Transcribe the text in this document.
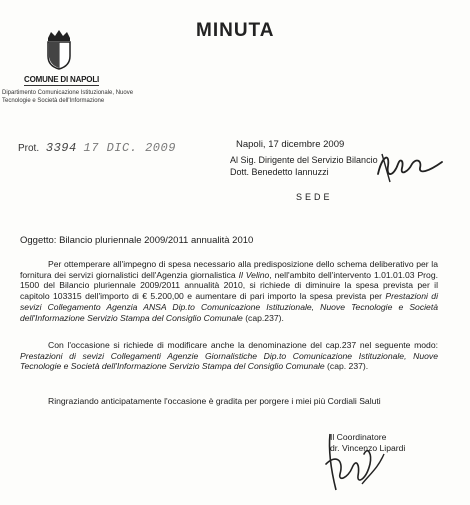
MINUTA
COMUNE DI NAPOLI
Dipartimento Comunicazione Istituzionale, Nuove Tecnologie e Società dell'Informazione
Prot. 3394 17 DIC. 2009	Napoli, 17 dicembre 2009
Al Sig. Dirigente del Servizio Bilancio
Dott. Benedetto Iannuzzi
SEDE
Oggetto: Bilancio pluriennale 2009/2011 annualità 2010
Per ottemperare all'impegno di spesa necessario alla predisposizione dello schema deliberativo per la fornitura dei servizi giornalistici dell'Agenzia giornalistica Il Velino, nell'ambito dell'intervento 1.01.01.03 Prog. 1500 del Bilancio pluriennale 2009/2011 annualità 2010, si richiede di diminuire la spesa prevista per il capitolo 103315 dell'importo di € 5.200,00 e aumentare di pari importo la spesa prevista per Prestazioni di sevizi Collegamento Agenzia ANSA Dip.to Comunicazione Istituzionale, Nuove Tecnologie e Società dell'Informazione Servizio Stampa del Consiglio Comunale (cap.237).
Con l'occasione si richiede di modificare anche la denominazione del cap.237 nel seguente modo: Prestazioni di sevizi Collegamenti Agenzie Giornalistiche Dip.to Comunicazione Istituzionale, Nuove Tecnologie e Società dell'Informazione Servizio Stampa del Consiglio Comunale (cap. 237).
Ringraziando anticipatamente l'occasione è gradita per porgere i miei più Cordiali Saluti
Il Coordinatore
dr. Vincenzo Lipardi
